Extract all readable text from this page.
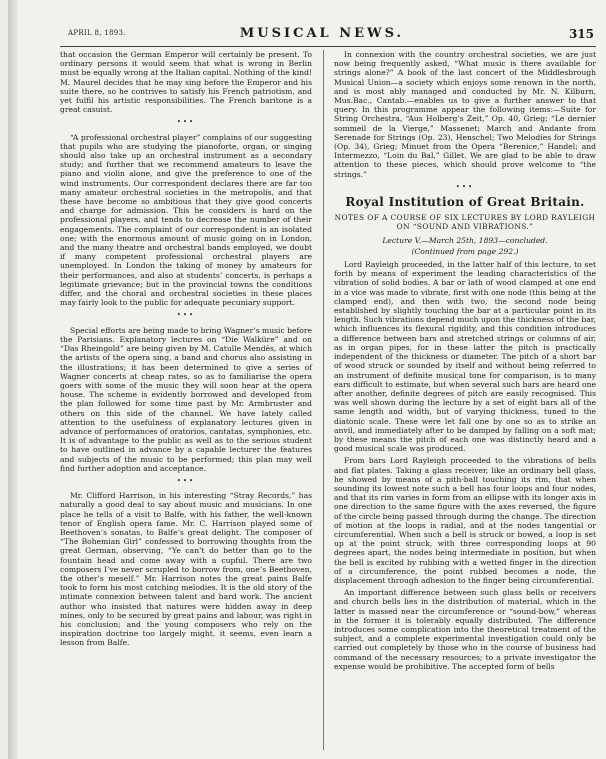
APRIL 8, 1893.	MUSICAL NEWS.	315

that occasion the German Emperor will certainly be present. To ordinary persons it would seem that what is wrong in Berlin must be equally wrong at the Italian capital. Nothing of the kind! M. Maurel decides that he may sing before the Emperor and his suite there, so he contrives to satisfy his French patriotism, and yet fulfil his artistic responsibilities. The French baritone is a great casuist.

•••

“A professional orchestral player” complains of our suggesting that pupils who are studying the pianoforte, organ, or singing should also take up an orchestral instrument as a secondary study; and further that we recommend amateurs to leave the piano and violin alone, and give the preference to one of the wind instruments. Our correspondent declares there are far too many amateur orchestral societies in the metropolis, and that these have become so ambitious that they give good concerts and charge for admission. This he considers is hard on the professional players, and tends to decrease the number of their engagements. The complaint of our correspondent is an isolated one; with the enormous amount of music going on in London, and the many theatre and orchestral bands employed, we doubt if many competent professional orchestral players are unemployed. In London the taking of money by amateurs for their performances, and also at students’ concerts, is perhaps a legitimate grievance; but in the provincial towns the conditions differ, and the choral and orchestral societies in these places may fairly look to the public for adequate pecuniary support.

•••

Special efforts are being made to bring Wagner’s music before the Parisians. Explanatory lectures on “Die Walküre” and on “Das Rheingold” are being given by M. Catulle Mendès, at which the artists of the opera sing, a band and chorus also assisting in the illustrations; it has been determined to give a series of Wagner concerts at cheap rates, so as to familiarise the opera goers with some of the music they will soon hear at the opera house. The scheme is evidently borrowed and developed from the plan followed for some time past by Mr. Armbruster and others on this side of the channel. We have lately called attention to the usefulness of explanatory lectures given in advance of performances of oratorios, cantatas, symphonies, etc. It is of advantage to the public as well as to the serious student to have outlined in advance by a capable lecturer the features and subjects of the music to be performed; this plan may well find further adoption and acceptance.

•••

Mr. Clifford Harrison, in his interesting “Stray Records,” has naturally a good deal to say about music and musicians. In one place he tells of a visit to Balfe, with his father, the well-known tenor of English opera fame. Mr. C. Harrison played some of Beethoven’s sonatas, to Balfe’s great delight. The composer of “The Bohemian Girl” confessed to borrowing thoughts from the great German, observing, “Ye can’t do better than go to the fountain head and come away with a cupful. There are two composers I’ve never scrupled to borrow from, one’s Beethoven, the other’s meself.” Mr. Harrison notes the great pains Balfe took to form his most catching melodies. It is the old story of the intimate connexion between talent and hard work. The ancient author who insisted that natures were hidden away in deep mines, only to be secured by great pains and labour, was right in his conclusion; and the young composers who rely on the inspiration doctrine too largely might, it seems, even learn a lesson from Balfe.

In connexion with the country orchestral societies, we are just now being frequently asked, “What music is there available for strings alone?” A book of the last concert of the Middlesbrough Musical Union—a society which enjoys some renown in the north, and is most ably managed and conducted by Mr. N. Kilburn, Mus.Bac., Cantab.—enables us to give a further answer to that query. In this programme appear the following items:—Suite for String Orchestra, “Aus Holberg’s Zeit,” Op. 40, Grieg; “Le dernier sommeil de la Vierge,” Massenet; March and Andante from Serenade for Strings (Op. 23), Henschel; Two Melodies for Strings (Op. 34), Grieg; Minuet from the Opera “Berenice,” Handel; and Intermezzo, “Loin du Bal,” Gillet. We are glad to be able to draw attention to these pieces, which should prove welcome to “the strings.”

•••
Royal Institution of Great Britain.
NOTES OF A COURSE OF SIX LECTURES BY LORD RAYLEIGH ON “SOUND AND VIBRATIONS.”
Lecture V.—March 25th, 1893—concluded.
(Continued from page 292.)

Lord Rayleigh proceeded, in the latter half of this lecture, to set forth by means of experiment the leading characteristics of the vibration of solid bodies. A bar or lath of wood clamped at one end in a vice was made to vibrate, first with one node (this being at the clamped end), and then with two, the second node being established by slightly touching the bar at a particular point in its length. Such vibrations depend much upon the thickness of the bar, which influences its flexural rigidity, and this condition introduces a difference between bars and stretched strings or columns of air, as in organ pipes, for in these latter the pitch is practically independent of the thickness or diameter. The pitch of a short bar of wood struck or sounded by itself and without being referred to an instrument of definite musical tone for comparison, is to many ears difficult to estimate, but when several such bars are heard one after another, definite degrees of pitch are easily recognised. This was well shown during the lecture by a set of eight bars all of the same length and width, but of varying thickness, tuned to the diatonic scale. These were let fall one by one so as to strike an anvil, and immediately after to be damped by falling on a soft mat; by these means the pitch of each one was distinctly heard and a good musical scale was produced.

From bars Lord Rayleigh proceeded to the vibrations of bells and flat plates. Taking a glass receiver, like an ordinary bell glass, he showed by means of a pith-ball touching its rim, that when sounding its lowest note such a bell has four loops and four nodes, and that its rim varies in form from an ellipse with its longer axis in one direction to the same figure with the axes reversed, the figure of the circle being passed through during the change. The direction of motion at the loops is radial, and at the nodes tangential or circumferential. When such a bell is struck or bowed, a loop is set up at the point struck, with three corresponding loops at 90 degrees apart, the nodes being intermediate in position, but when the bell is excited by rubbing with a wetted finger in the direction of a circumference, the point rubbed becomes a node, the displacement through adhesion to the finger being circumferential.

An important difference between such glass bells or receivers and church bells lies in the distribution of material, which in the latter is massed near the circumference or “sound-bow,” whereas in the former it is tolerably equally distributed. The difference introduces some complication into the theoretical treatment of the subject, and a complete experimental investigation could only be carried out completely by those who in the course of business had command of the necessary resources; to a private investigator the expense would be prohibitive. The accepted form of bells
